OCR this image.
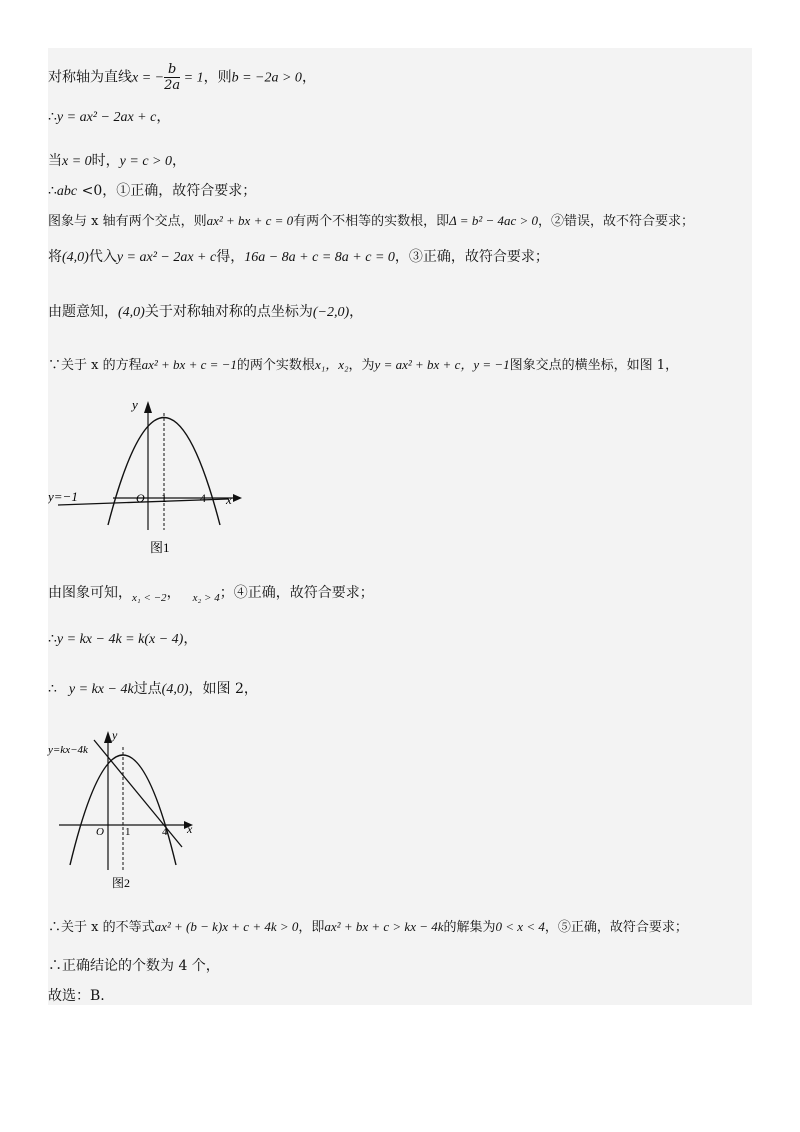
对称轴为直线x = − $\frac{b}{2a} = 1$，则b = −2a > 0，
∴y = ax² − 2ax + c，
当x = 0时，y = c > 0，
∴abc <0，①正确，故符合要求；
图象与 x 轴有两个交点，则ax² + bx + c = 0有两个不相等的实数根，即Δ = b² − 4ac > 0，②错误，故不符合要求；
将(4,0)代入y = ax² − 2ax + c得，16a − 8a + c = 8a + c = 0，③正确，故符合要求；
由题意知，(4,0)关于对称轴对称的点坐标为(−2,0)，
∵关于 x 的方程ax² + bx + c = −1的两个实数根x₁，x₂，为y = ax² + bx + c，y = −1图象交点的横坐标，如图 1，
y
x
O 1	4
y=−1
图1
由图象可知，$_{x_1 < -2}$， $_{x_2 > 4}$；④正确，故符合要求；
∴y = kx − 4k = k(x − 4)，
∴ y = kx − 4k过点(4,0)，如图 2，
y
x
O 1	4
y=kx−4k
图2
∴关于 x 的不等式ax² + (b − k)x + c + 4k > 0，即ax² + bx + c > kx − 4k的解集为0 < x < 4，⑤正确，故符合要求；
∴正确结论的个数为 4 个，
故选：B.
